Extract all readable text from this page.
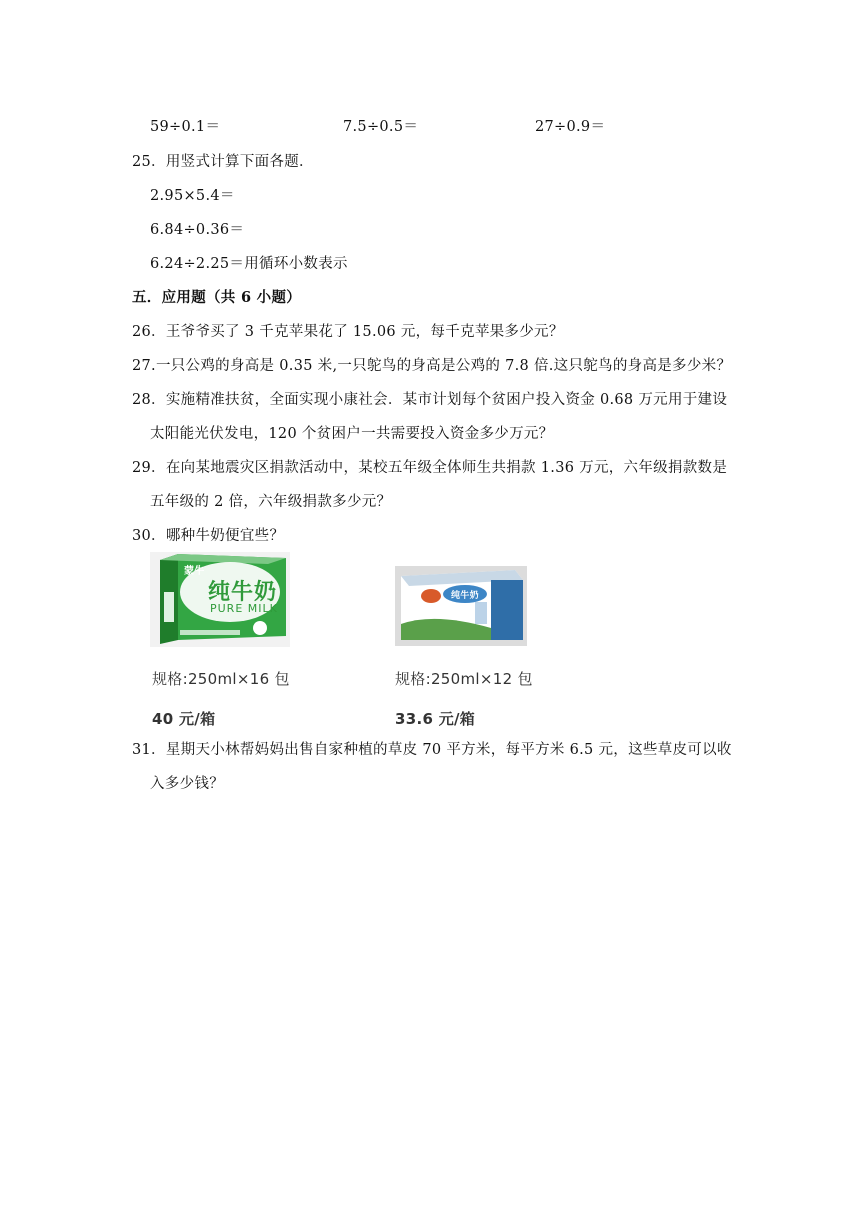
59÷0.1＝	7.5÷0.5＝	27÷0.9＝
25．用竖式计算下面各题．
2.95×5.4＝
6.84÷0.36＝
6.24÷2.25＝用循环小数表示
五．应用题（共 6 小题）
26．王爷爷买了 3 千克苹果花了 15.06 元，每千克苹果多少元？
27.一只公鸡的身高是 0.35 米,一只鸵鸟的身高是公鸡的 7.8 倍.这只鸵鸟的身高是多少米？
28．实施精准扶贫，全面实现小康社会．某市计划每个贫困户投入资金 0.68 万元用于建设
太阳能光伏发电，120 个贫困户一共需要投入资金多少万元？
29．在向某地震灾区捐款活动中，某校五年级全体师生共捐款 1.36 万元，六年级捐款数是
五年级的 2 倍，六年级捐款多少元？
30．哪种牛奶便宜些？
蒙牛
纯牛奶
PURE MILK
纯牛奶
规格:250ml×16 包	规格:250ml×12 包
40 元/箱	33.6 元/箱
31．星期天小林帮妈妈出售自家种植的草皮 70 平方米，每平方米 6.5 元，这些草皮可以收
入多少钱？
